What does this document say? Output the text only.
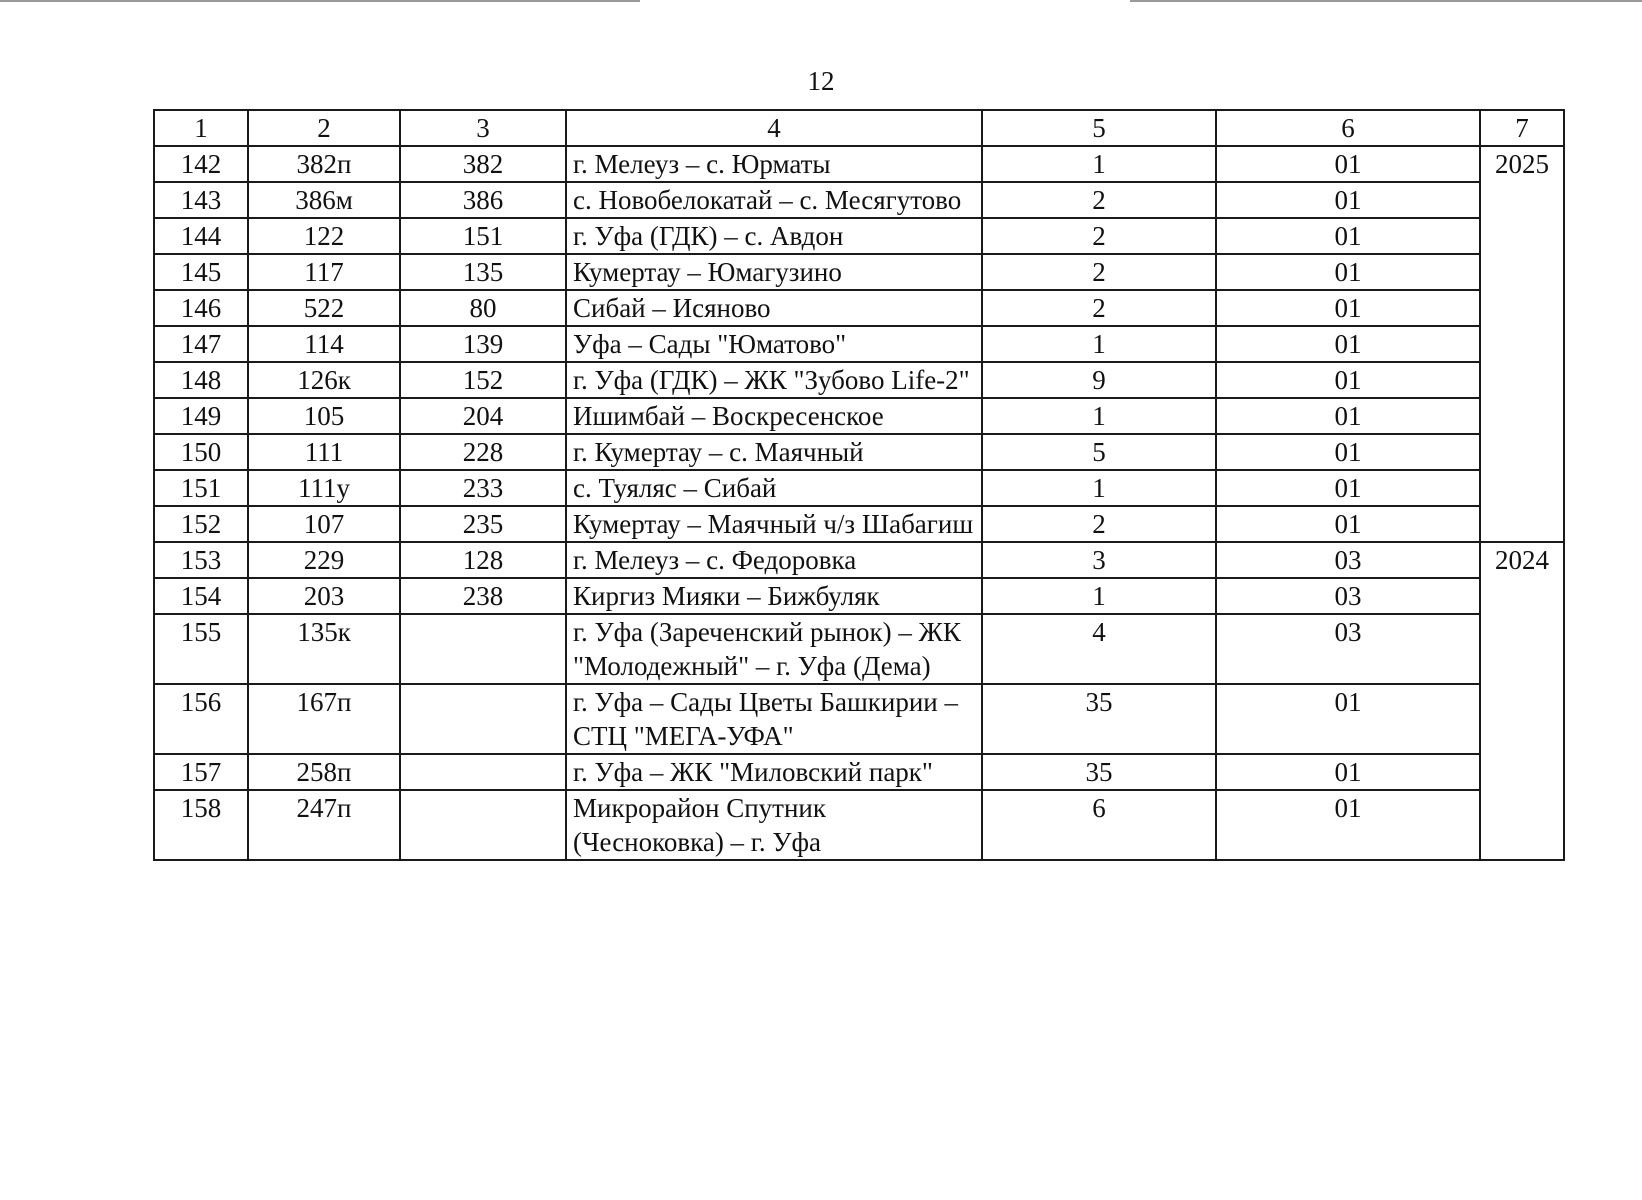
12
1	2	3	4	5	6	7
142	382п	382	г. Мелеуз – с. Юрматы	1	01	2025
143	386м	386	с. Новобелокатай – с. Месягутово	2	01	
144	122	151	г. Уфа (ГДК) – с. Авдон	2	01	
145	117	135	Кумертау – Юмагузино	2	01	
146	522	80	Сибай – Исяново	2	01	
147	114	139	Уфа – Сады "Юматово"	1	01	
148	126к	152	г. Уфа (ГДК) – ЖК "Зубово Life-2"	9	01	
149	105	204	Ишимбай – Воскресенское	1	01	
150	111	228	г. Кумертау – с. Маячный	5	01	
151	111у	233	с. Туяляс – Сибай	1	01	
152	107	235	Кумертау – Маячный ч/з Шабагиш	2	01	
153	229	128	г. Мелеуз – с. Федоровка	3	03	2024
154	203	238	Киргиз Мияки – Бижбуляк	1	03	
155	135к		г. Уфа (Зареченский рынок) – ЖК "Молодежный" – г. Уфа (Дема)	4	03	
156	167п		г. Уфа – Сады Цветы Башкирии – СТЦ "МЕГА-УФА"	35	01	
157	258п		г. Уфа – ЖК "Миловский парк"	35	01	
158	247п		Микрорайон Спутник (Чесноковка) – г. Уфа	6	01	
